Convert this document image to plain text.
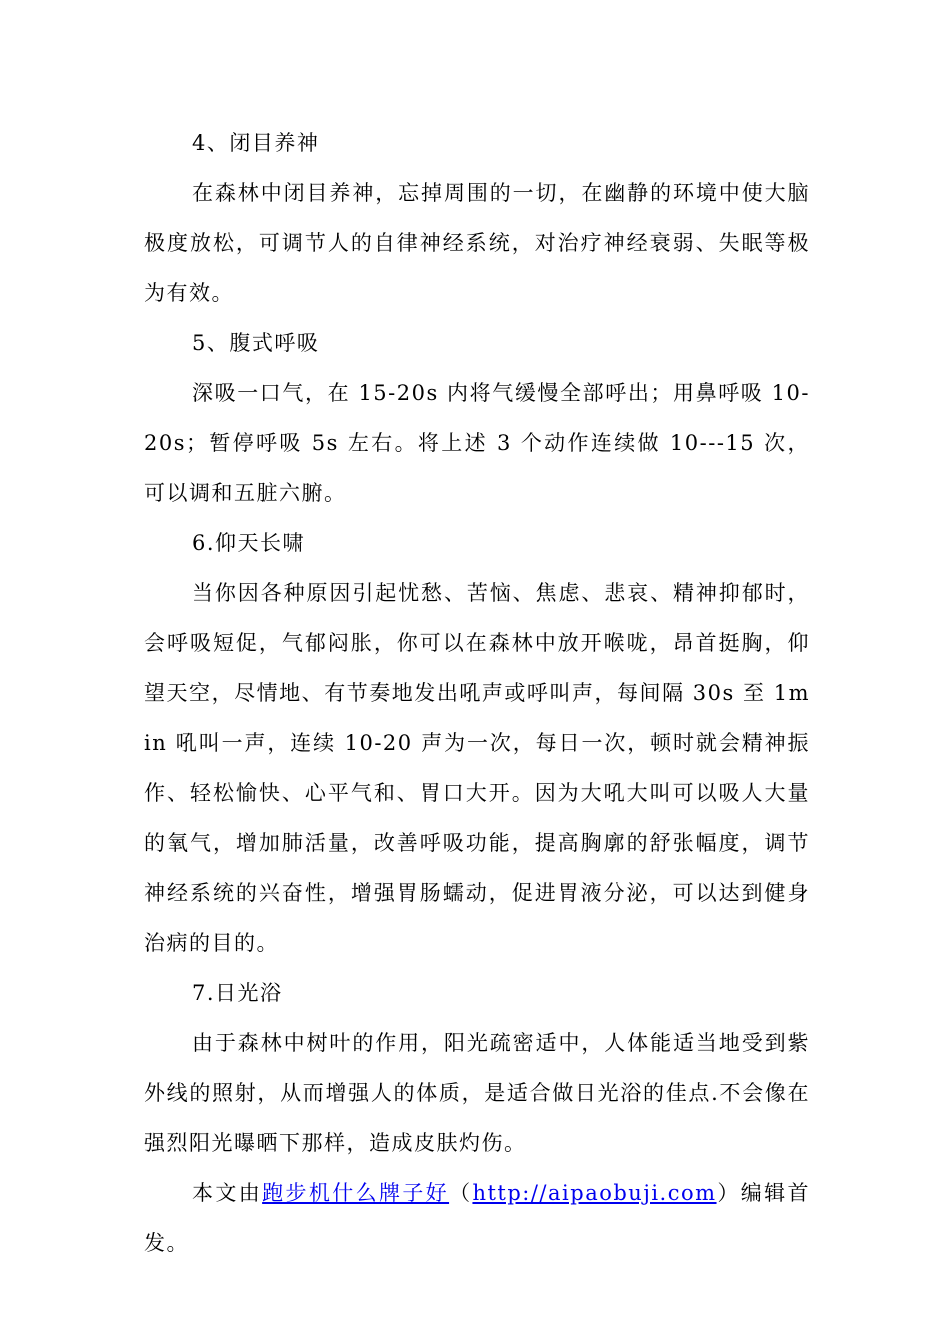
4、闭目养神

在森林中闭目养神，忘掉周围的一切，在幽静的环境中使大脑极度放松，可调节人的自律神经系统，对治疗神经衰弱、失眠等极为有效。

5、腹式呼吸

深吸一口气，在 15-20s 内将气缓慢全部呼出；用鼻呼吸 10-20s；暂停呼吸 5s 左右。将上述 3 个动作连续做 10---15 次，可以调和五脏六腑。

6.仰天长啸

当你因各种原因引起忧愁、苦恼、焦虑、悲哀、精神抑郁时，会呼吸短促，气郁闷胀，你可以在森林中放开喉咙，昂首挺胸，仰望天空，尽情地、有节奏地发出吼声或呼叫声，每间隔 30s 至 1min 吼叫一声，连续 10-20 声为一次，每日一次，顿时就会精神振作、轻松愉快、心平气和、胃口大开。因为大吼大叫可以吸人大量的氧气，增加肺活量，改善呼吸功能，提高胸廓的舒张幅度，调节神经系统的兴奋性，增强胃肠蠕动，促进胃液分泌，可以达到健身治病的目的。

7.日光浴

由于森林中树叶的作用，阳光疏密适中，人体能适当地受到紫外线的照射，从而增强人的体质，是适合做日光浴的佳点.不会像在强烈阳光曝晒下那样，造成皮肤灼伤。

本文由跑步机什么牌子好（http://aipaobuji.com）编辑首发。
